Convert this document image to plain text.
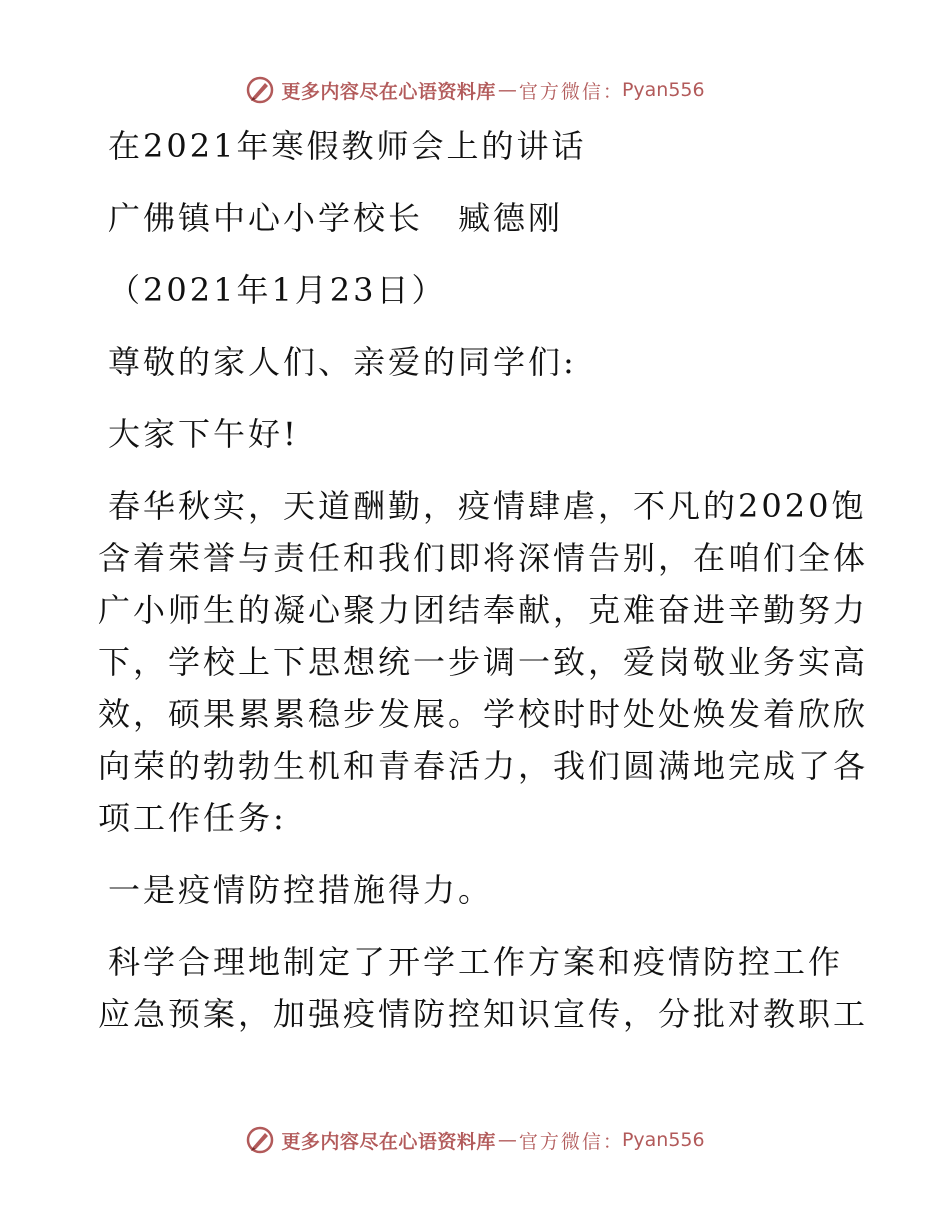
更多内容尽在心语资料库 — 官方微信 ： Pyan556
在2021年寒假教师会上的讲话
广佛镇中心小学校长　臧德刚
（2021年1月23日）
尊敬的家人们、亲爱的同学们:
大家下午好!
春华秋实，天道酬勤，疫情肆虐，不凡的2020饱
含着荣誉与责任和我们即将深情告别，在咱们全体
广小师生的凝心聚力团结奉献，克难奋进辛勤努力
下，学校上下思想统一步调一致，爱岗敬业务实高
效，硕果累累稳步发展。学校时时处处焕发着欣欣
向荣的勃勃生机和青春活力，我们圆满地完成了各
项工作任务:
一是疫情防控措施得力。
科学合理地制定了开学工作方案和疫情防控工作
应急预案，加强疫情防控知识宣传，分批对教职工
更多内容尽在心语资料库 — 官方微信 ： Pyan556
